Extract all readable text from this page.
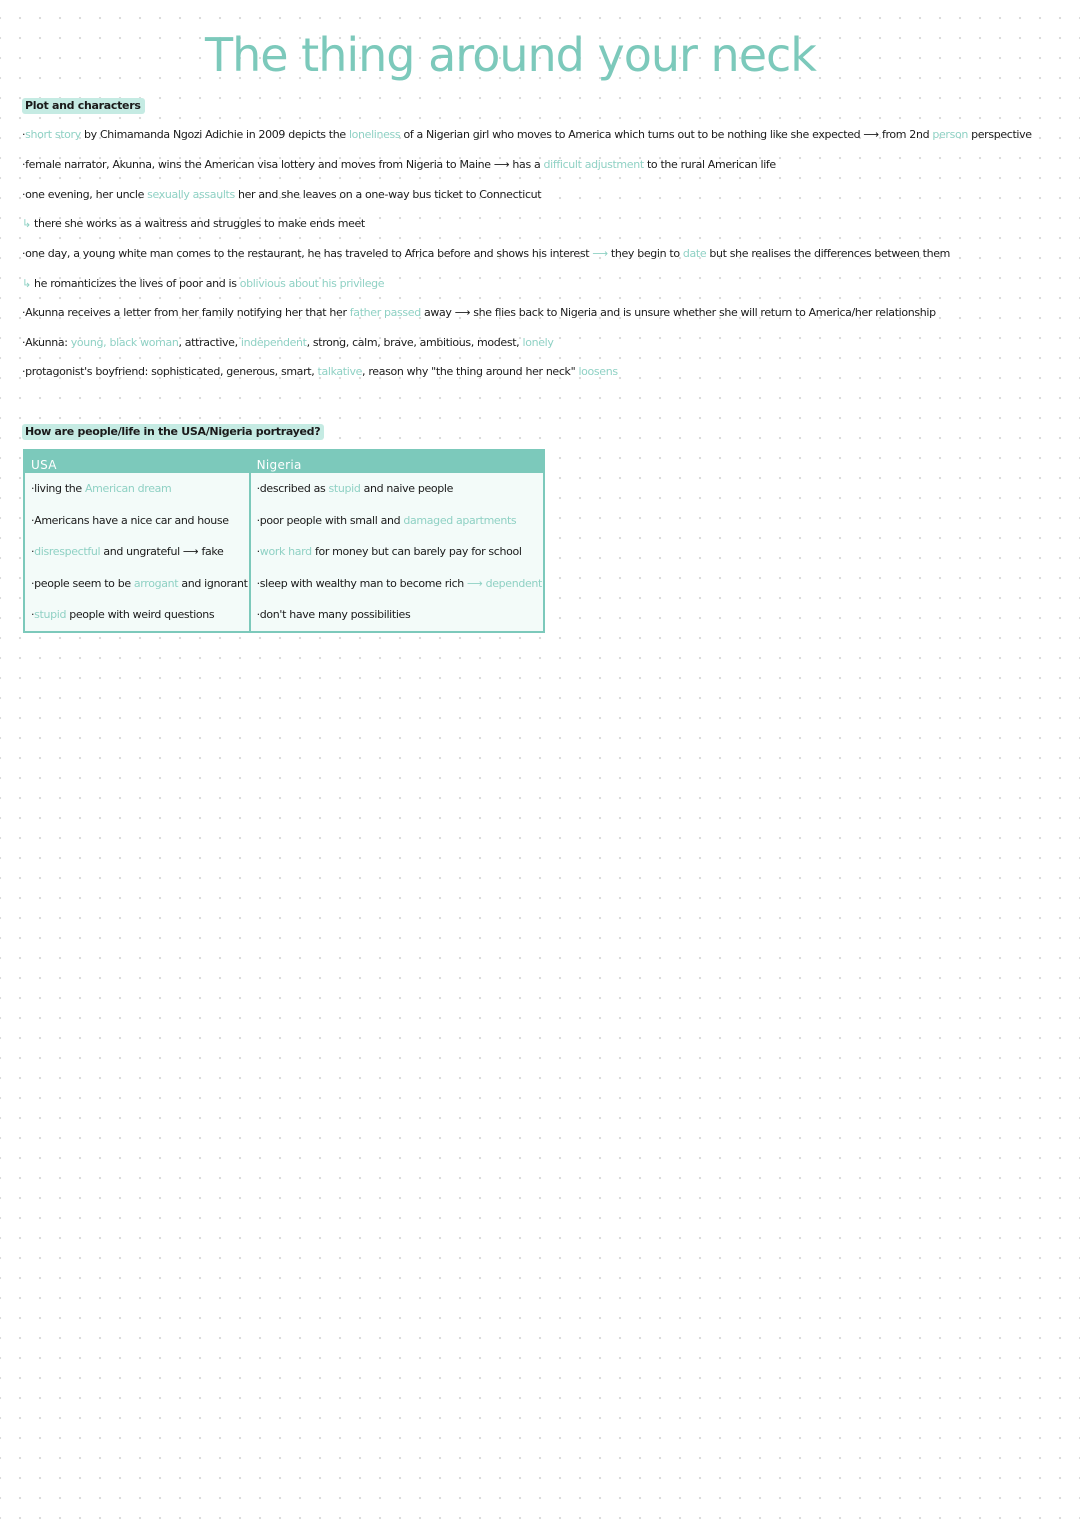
The thing around your neck
Plot and characters
·short story by Chimamanda Ngozi Adichie in 2009 depicts the loneliness of a Nigerian girl who moves to America which turns out to be nothing like she expected ⟶ from 2nd person perspective
·female narrator, Akunna, wins the American visa lottery and moves from Nigeria to Maine ⟶ has a difficult adjustment to the rural American life
·one evening, her uncle sexually assaults her and she leaves on a one-way bus ticket to Connecticut
↳ there she works as a waitress and struggles to make ends meet
·one day, a young white man comes to the restaurant, he has traveled to Africa before and shows his interest ⟶ they begin to date but she realises the differences between them
↳ he romanticizes the lives of poor and is oblivious about his privilege
·Akunna receives a letter from her family notifying her that her father passed away ⟶ she flies back to Nigeria and is unsure whether she will return to America/her relationship
·Akunna: young, black woman, attractive, independent, strong, calm, brave, ambitious, modest, lonely
·protagonist's boyfriend: sophisticated, generous, smart, talkative, reason why "the thing around her neck" loosens
How are people/life in the USA/Nigeria portrayed?
USA	Nigeria

·living the American dream	·described as stupid and naive people

·Americans have a nice car and house	·poor people with small and damaged apartments

·disrespectful and ungrateful ⟶ fake	·work hard for money but can barely pay for school

·people seem to be arrogant and ignorant	·sleep with wealthy man to become rich ⟶ dependent

·stupid people with weird questions	·don't have many possibilities
